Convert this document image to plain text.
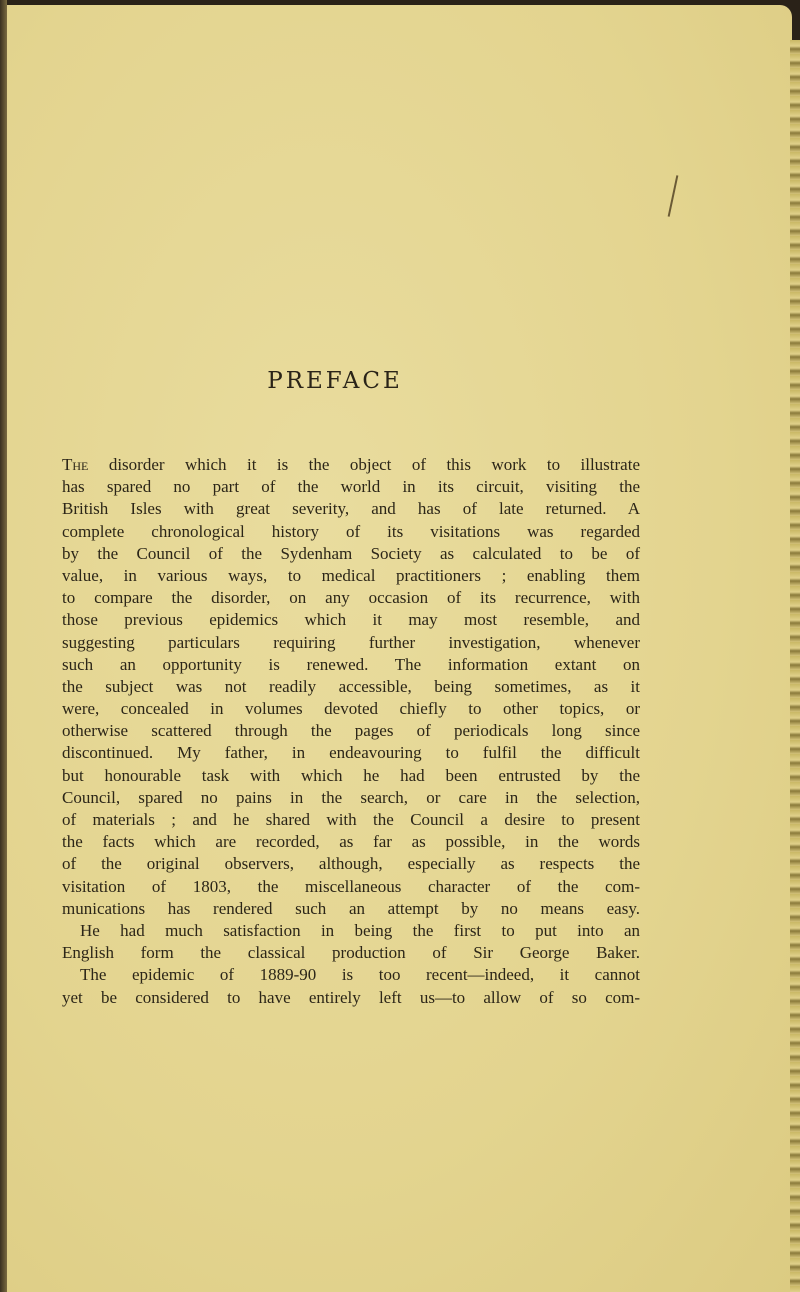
PREFACE
The disorder which it is the object of this work to illustrate
has spared no part of the world in its circuit, visiting the
British Isles with great severity, and has of late returned. A
complete chronological history of its visitations was regarded
by the Council of the Sydenham Society as calculated to be of
value, in various ways, to medical practitioners ; enabling them
to compare the disorder, on any occasion of its recurrence, with
those previous epidemics which it may most resemble, and
suggesting particulars requiring further investigation, whenever
such an opportunity is renewed. The information extant on
the subject was not readily accessible, being sometimes, as it
were, concealed in volumes devoted chiefly to other topics, or
otherwise scattered through the pages of periodicals long since
discontinued. My father, in endeavouring to fulfil the difficult
but honourable task with which he had been entrusted by the
Council, spared no pains in the search, or care in the selection,
of materials ; and he shared with the Council a desire to present
the facts which are recorded, as far as possible, in the words
of the original observers, although, especially as respects the
visitation of 1803, the miscellaneous character of the com-
munications has rendered such an attempt by no means easy.
He had much satisfaction in being the first to put into an
English form the classical production of Sir George Baker.
The epidemic of 1889-90 is too recent—indeed, it cannot
yet be considered to have entirely left us—to allow of so com-
